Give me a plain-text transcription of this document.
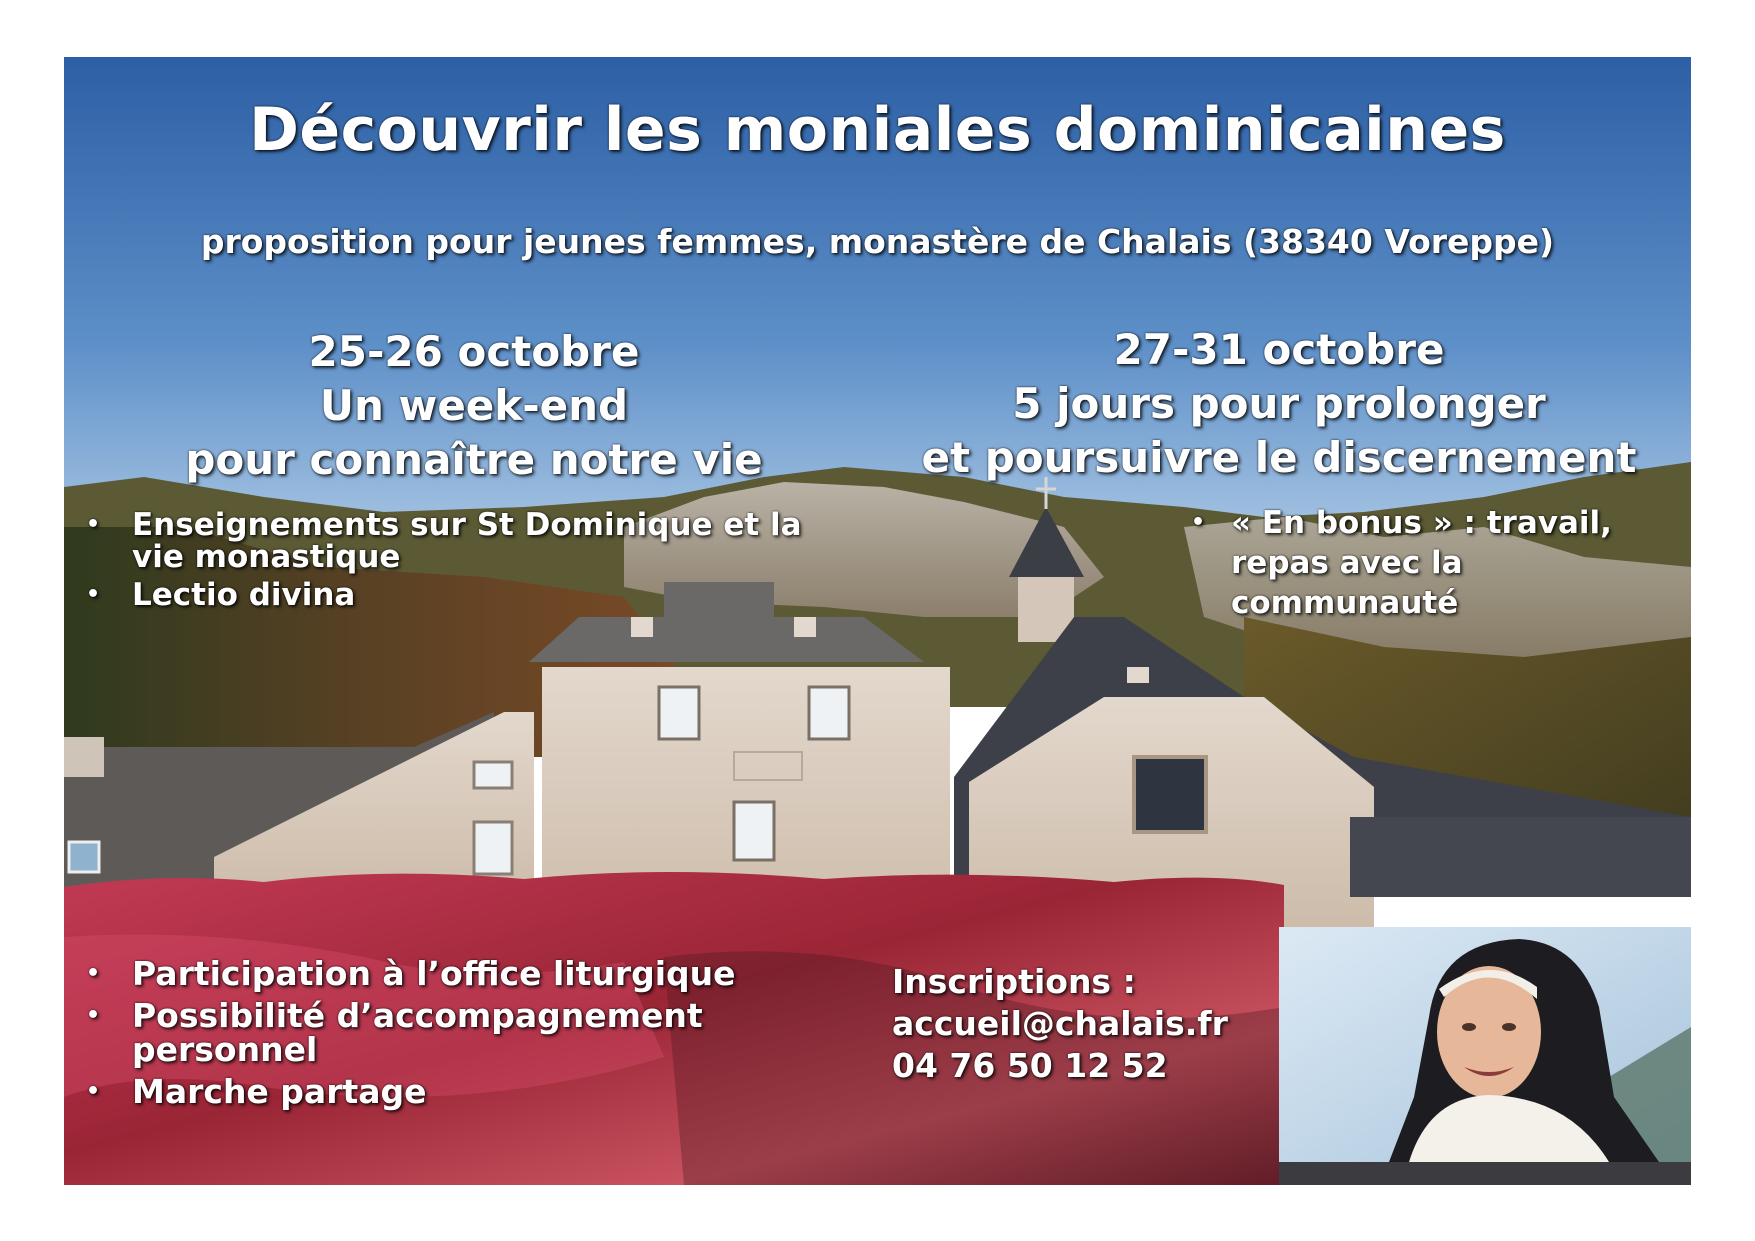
Découvrir les moniales dominicaines
proposition pour jeunes femmes, monastère de Chalais (38340 Voreppe)
25-26 octobre
Un week-end
pour connaître notre vie
27-31 octobre
5 jours pour prolonger
et poursuivre le discernement
• Enseignements sur St Dominique et la vie monastique
• Lectio divina
• « En bonus » : travail, repas avec la communauté
• Participation à l’office liturgique
• Possibilité d’accompagnement personnel
• Marche partage
Inscriptions :
accueil@chalais.fr
04 76 50 12 52
